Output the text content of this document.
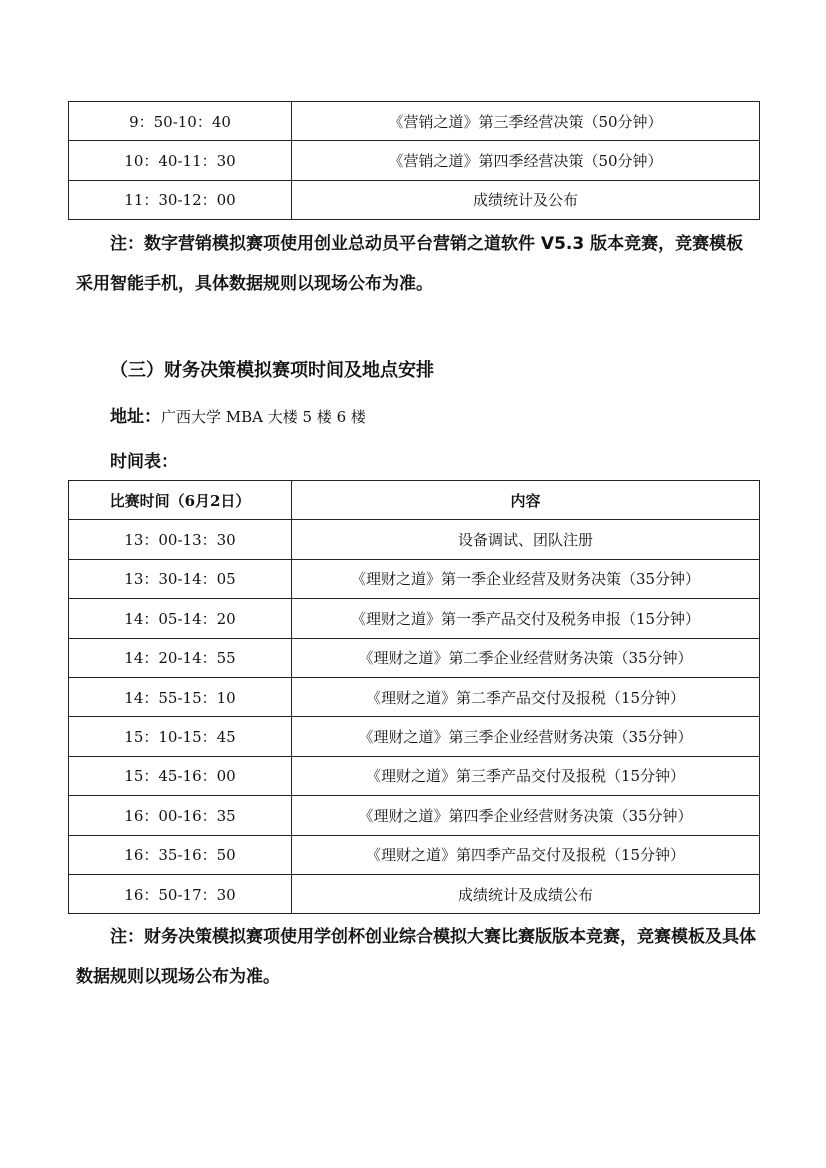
9：50-10：40	《营销之道》第三季经营决策（50分钟）
10：40-11：30	《营销之道》第四季经营决策（50分钟）
11：30-12：00	成绩统计及公布
注：数字营销模拟赛项使用创业总动员平台营销之道软件 V5.3 版本竞赛，竞赛模板采用智能手机，具体数据规则以现场公布为准。
（三）财务决策模拟赛项时间及地点安排
地址：广西大学 MBA 大楼 5 楼 6 楼
时间表：
比赛时间（6月2日）	内容
13：00-13：30	设备调试、团队注册
13：30-14：05	《理财之道》第一季企业经营及财务决策（35分钟）
14：05-14：20	《理财之道》第一季产品交付及税务申报（15分钟）
14：20-14：55	《理财之道》第二季企业经营财务决策（35分钟）
14：55-15：10	《理财之道》第二季产品交付及报税（15分钟）
15：10-15：45	《理财之道》第三季企业经营财务决策（35分钟）
15：45-16：00	《理财之道》第三季产品交付及报税（15分钟）
16：00-16：35	《理财之道》第四季企业经营财务决策（35分钟）
16：35-16：50	《理财之道》第四季产品交付及报税（15分钟）
16：50-17：30	成绩统计及成绩公布
注：财务决策模拟赛项使用学创杯创业综合模拟大赛比赛版版本竞赛，竞赛模板及具体数据规则以现场公布为准。
